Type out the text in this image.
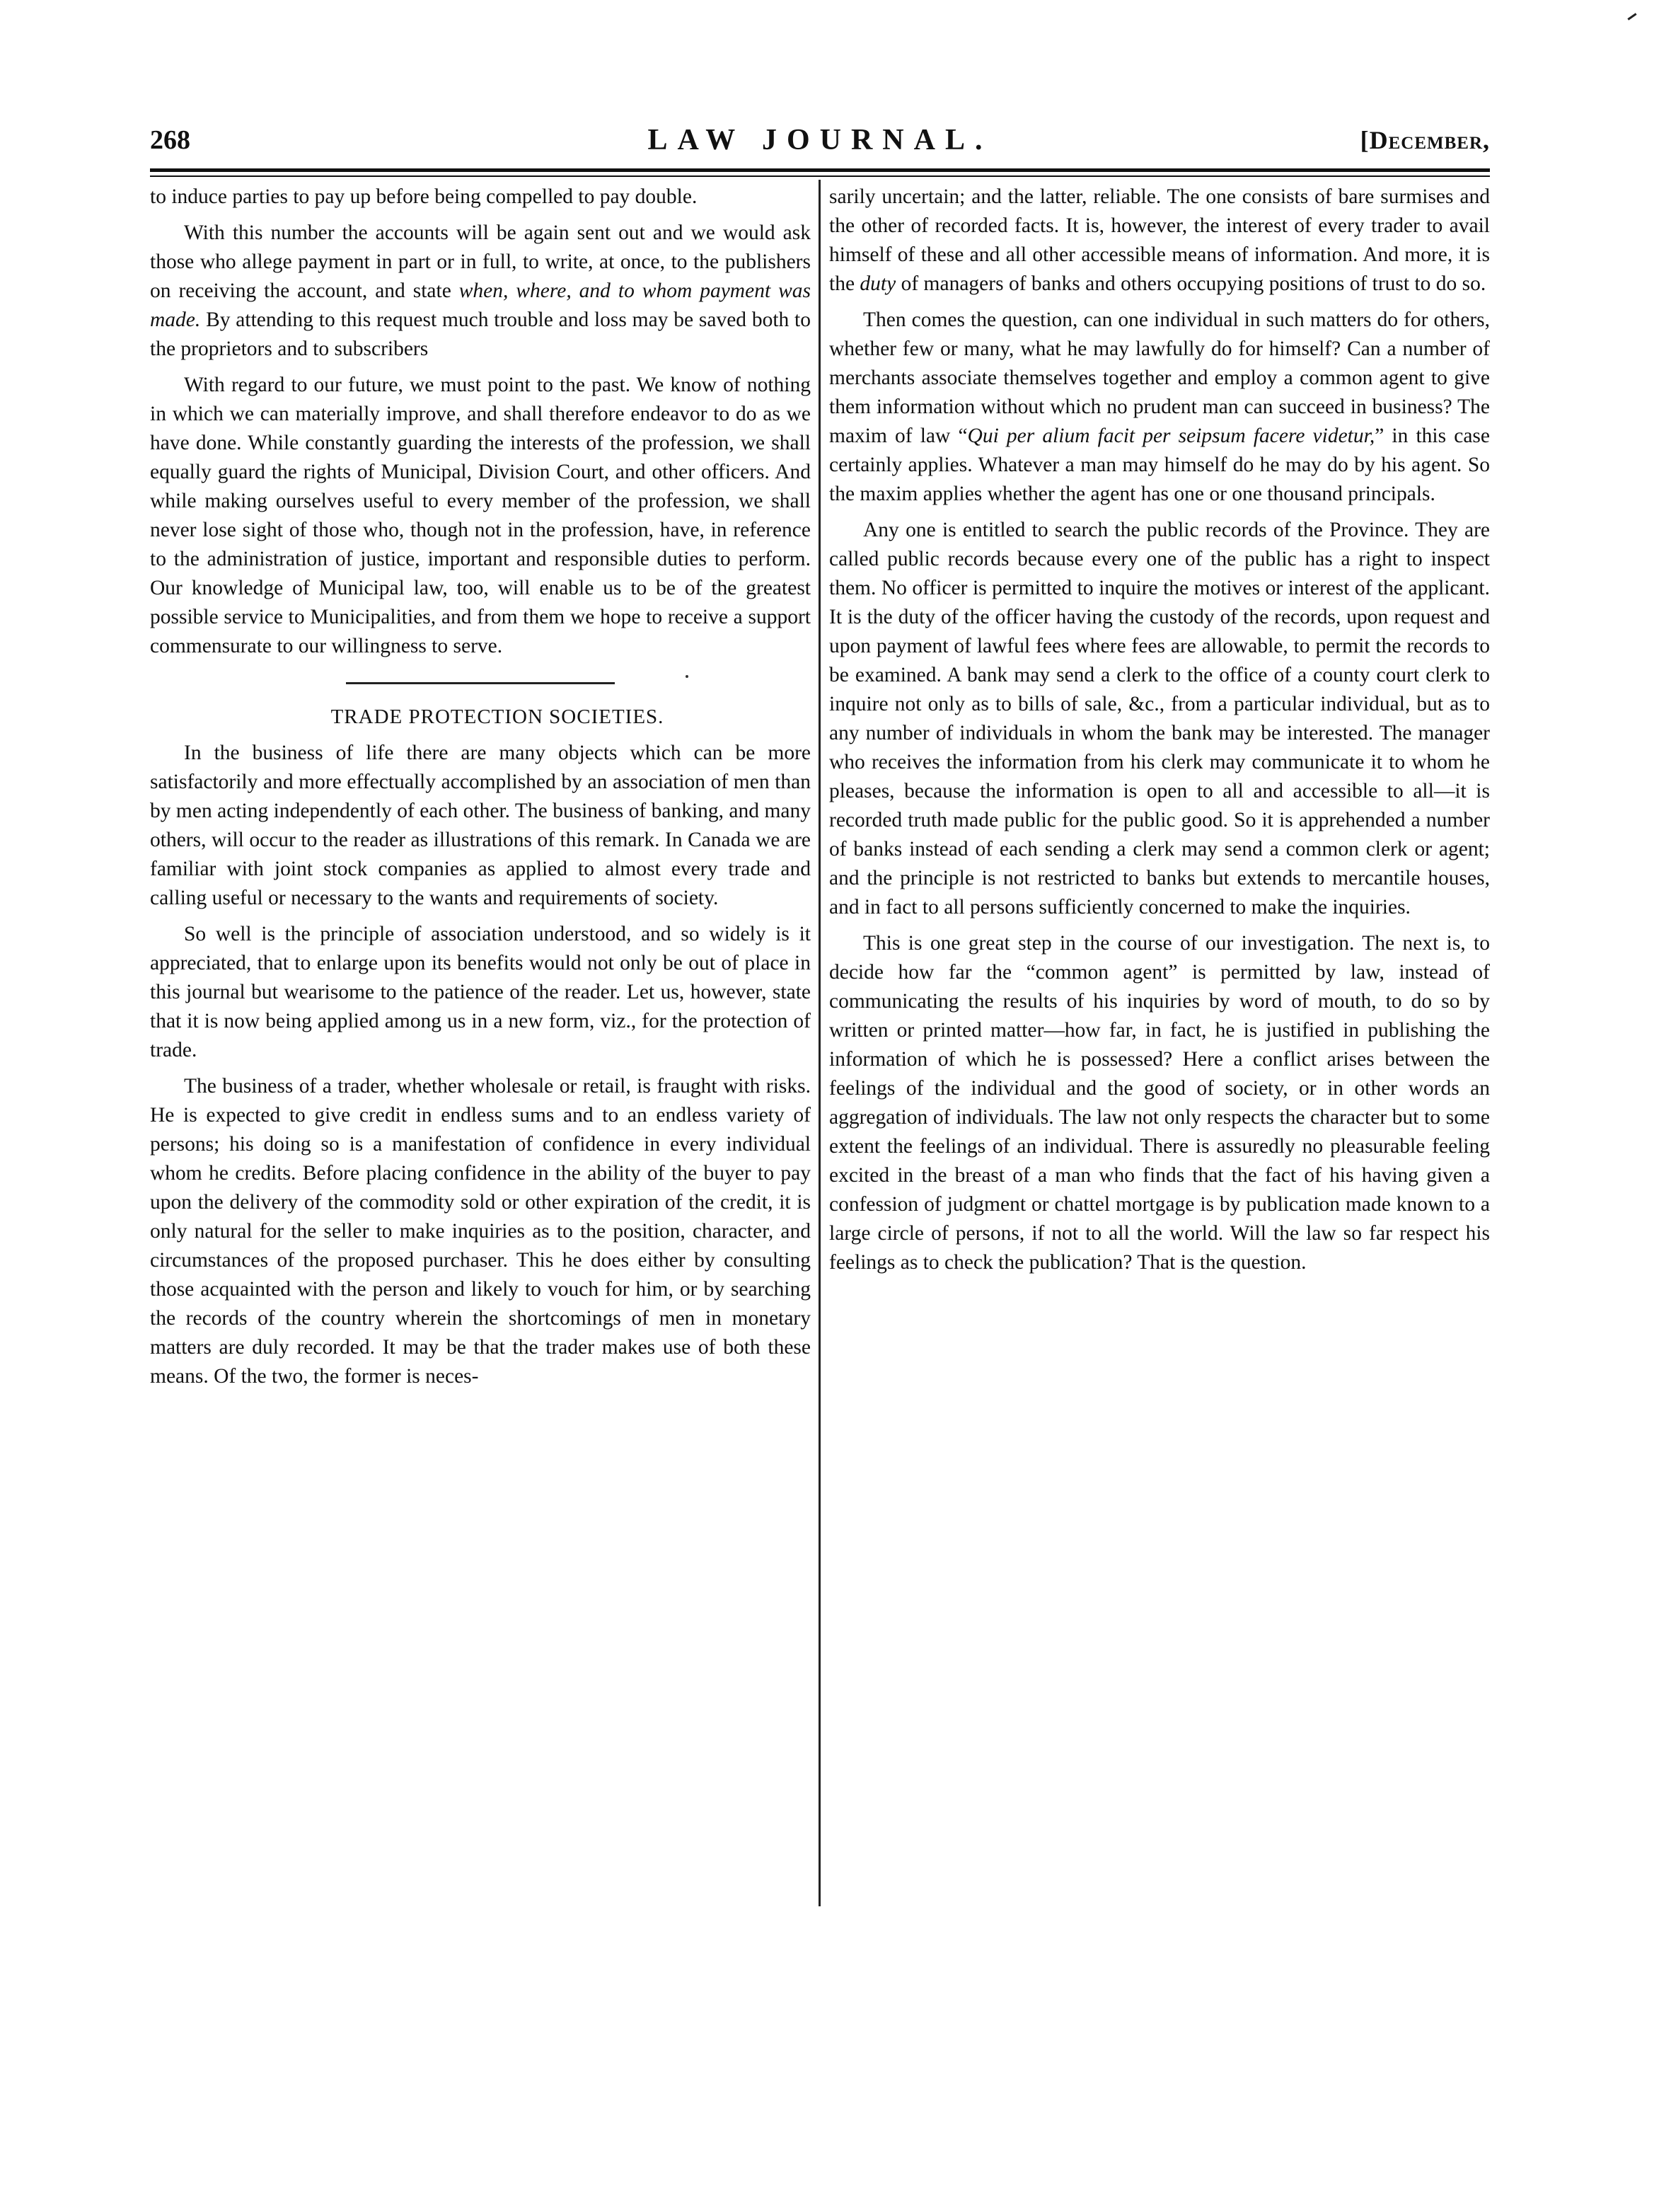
268	LAW JOURNAL.	[December,

to induce parties to pay up before being compelled to pay double.

With this number the accounts will be again sent out and we would ask those who allege payment in part or in full, to write, at once, to the publishers on receiving the account, and state when, where, and to whom payment was made. By attending to this request much trouble and loss may be saved both to the proprietors and to subscribers

With regard to our future, we must point to the past. We know of nothing in which we can materially improve, and shall therefore endeavor to do as we have done. While constantly guarding the interests of the profession, we shall equally guard the rights of Municipal, Division Court, and other officers. And while making ourselves useful to every member of the profession, we shall never lose sight of those who, though not in the profession, have, in reference to the administration of justice, important and responsible duties to perform. Our knowledge of Municipal law, too, will enable us to be of the greatest possible service to Municipalities, and from them we hope to receive a support commensurate to our willingness to serve.

TRADE PROTECTION SOCIETIES.

In the business of life there are many objects which can be more satisfactorily and more effectually accomplished by an association of men than by men acting independently of each other. The business of banking, and many others, will occur to the reader as illustrations of this remark. In Canada we are familiar with joint stock companies as applied to almost every trade and calling useful or necessary to the wants and requirements of society.

So well is the principle of association understood, and so widely is it appreciated, that to enlarge upon its benefits would not only be out of place in this journal but wearisome to the patience of the reader. Let us, however, state that it is now being applied among us in a new form, viz., for the protection of trade.

The business of a trader, whether wholesale or retail, is fraught with risks. He is expected to give credit in endless sums and to an endless variety of persons; his doing so is a manifestation of confidence in every individual whom he credits. Before placing confidence in the ability of the buyer to pay upon the delivery of the commodity sold or other expiration of the credit, it is only natural for the seller to make inquiries as to the position, character, and circumstances of the proposed purchaser. This he does either by consulting those acquainted with the person and likely to vouch for him, or by searching the records of the country wherein the shortcomings of men in monetary matters are duly recorded. It may be that the trader makes use of both these means. Of the two, the former is neces-

sarily uncertain; and the latter, reliable. The one consists of bare surmises and the other of recorded facts. It is, however, the interest of every trader to avail himself of these and all other accessible means of information. And more, it is the duty of managers of banks and others occupying positions of trust to do so.

Then comes the question, can one individual in such matters do for others, whether few or many, what he may lawfully do for himself? Can a number of merchants associate themselves together and employ a common agent to give them information without which no prudent man can succeed in business? The maxim of law “Qui per alium facit per seipsum facere videtur,” in this case certainly applies. Whatever a man may himself do he may do by his agent. So the maxim applies whether the agent has one or one thousand principals.

Any one is entitled to search the public records of the Province. They are called public records because every one of the public has a right to inspect them. No officer is permitted to inquire the motives or interest of the applicant. It is the duty of the officer having the custody of the records, upon request and upon payment of lawful fees where fees are allowable, to permit the records to be examined. A bank may send a clerk to the office of a county court clerk to inquire not only as to bills of sale, &c., from a particular individual, but as to any number of individuals in whom the bank may be interested. The manager who receives the information from his clerk may communicate it to whom he pleases, because the information is open to all and accessible to all—it is recorded truth made public for the public good. So it is apprehended a number of banks instead of each sending a clerk may send a common clerk or agent; and the principle is not restricted to banks but extends to mercantile houses, and in fact to all persons sufficiently concerned to make the inquiries.

This is one great step in the course of our investigation. The next is, to decide how far the “common agent” is permitted by law, instead of communicating the results of his inquiries by word of mouth, to do so by written or printed matter—how far, in fact, he is justified in publishing the information of which he is possessed? Here a conflict arises between the feelings of the individual and the good of society, or in other words an aggregation of individuals. The law not only respects the character but to some extent the feelings of an individual. There is assuredly no pleasurable feeling excited in the breast of a man who finds that the fact of his having given a confession of judgment or chattel mortgage is by publication made known to a large circle of persons, if not to all the world. Will the law so far respect his feelings as to check the publication? That is the question.
